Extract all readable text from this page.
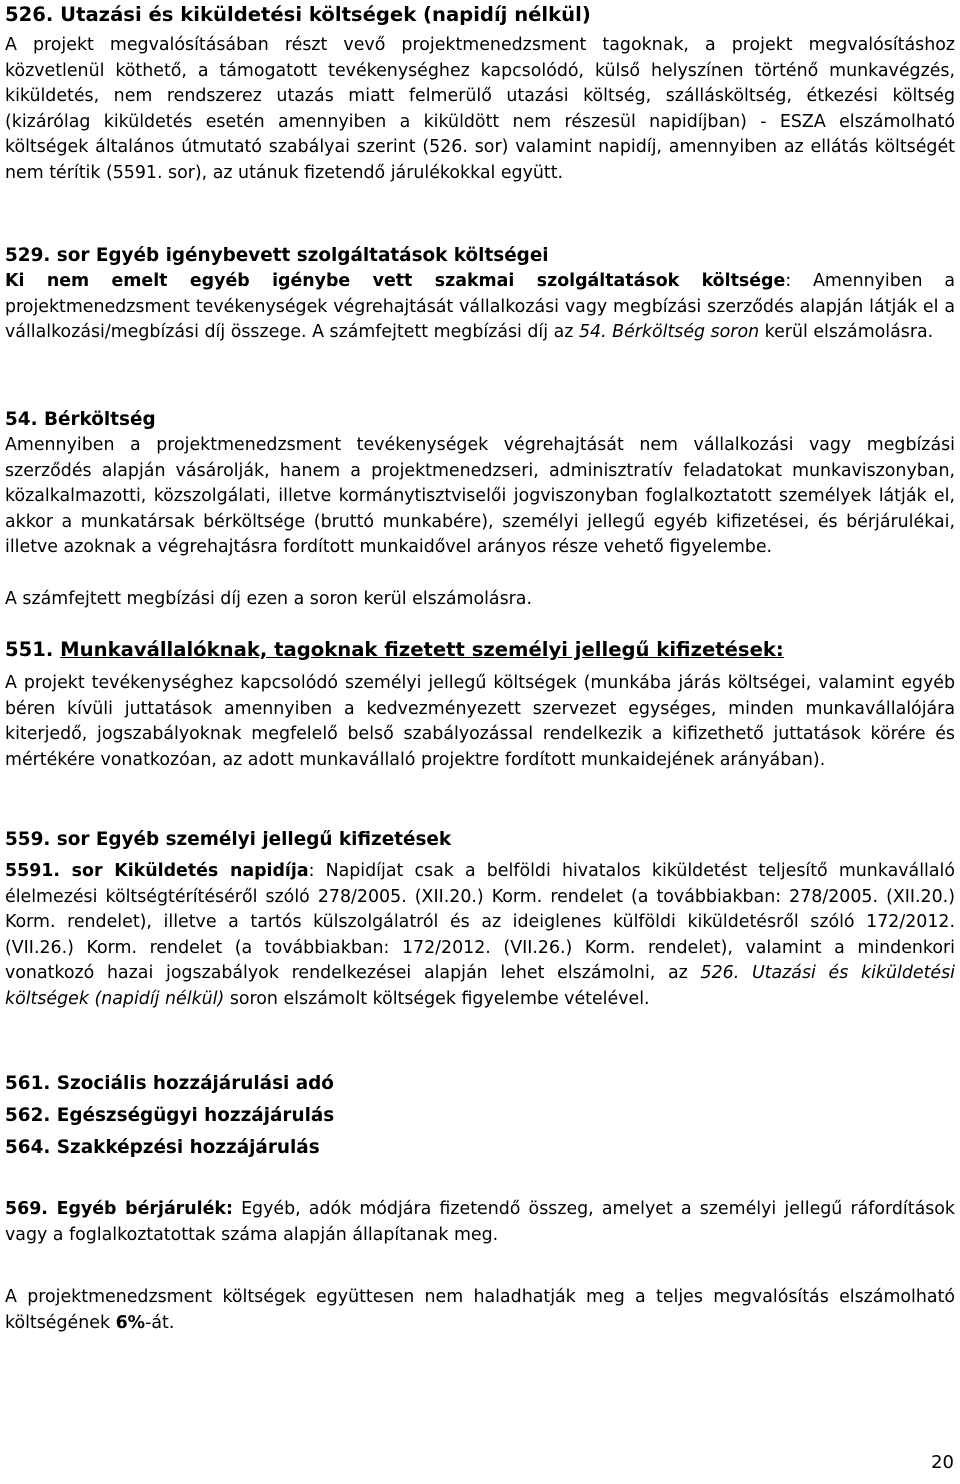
526. Utazási és kiküldetési költségek (napidíj nélkül)
A projekt megvalósításában részt vevő projektmenedzsment tagoknak, a projekt megvalósításhoz közvetlenül köthető, a támogatott tevékenységhez kapcsolódó, külső helyszínen történő munkavégzés, kiküldetés, nem rendszerez utazás miatt felmerülő utazási költség, szállásköltség, étkezési költség (kizárólag kiküldetés esetén amennyiben a kiküldött nem részesül napidíjban) - ESZA elszámolható költségek általános útmutató szabályai szerint (526. sor) valamint napidíj, amennyiben az ellátás költségét nem térítik (5591. sor), az utánuk fizetendő járulékokkal együtt.
529. sor Egyéb igénybevett szolgáltatások költségei
Ki nem emelt egyéb igénybe vett szakmai szolgáltatások költsége: Amennyiben a projektmenedzsment tevékenységek végrehajtását vállalkozási vagy megbízási szerződés alapján látják el a vállalkozási/megbízási díj összege. A számfejtett megbízási díj az 54. Bérköltség soron kerül elszámolásra.
54. Bérköltség
Amennyiben a projektmenedzsment tevékenységek végrehajtását nem vállalkozási vagy megbízási szerződés alapján vásárolják, hanem a projektmenedzseri, adminisztratív feladatokat munkaviszonyban, közalkalmazotti, közszolgálati, illetve kormánytisztviselői jogviszonyban foglalkoztatott személyek látják el, akkor a munkatársak bérköltsége (bruttó munkabére), személyi jellegű egyéb kifizetései, és bérjárulékai, illetve azoknak a végrehajtásra fordított munkaidővel arányos része vehető figyelembe.
A számfejtett megbízási díj ezen a soron kerül elszámolásra.
551. Munkavállalóknak, tagoknak fizetett személyi jellegű kifizetések:
A projekt tevékenységhez kapcsolódó személyi jellegű költségek (munkába járás költségei, valamint egyéb béren kívüli juttatások amennyiben a kedvezményezett szervezet egységes, minden munkavállalójára kiterjedő, jogszabályoknak megfelelő belső szabályozással rendelkezik a kifizethető juttatások körére és mértékére vonatkozóan, az adott munkavállaló projektre fordított munkaidejének arányában).
559. sor Egyéb személyi jellegű kifizetések
5591. sor Kiküldetés napidíja: Napidíjat csak a belföldi hivatalos kiküldetést teljesítő munkavállaló élelmezési költségtérítéséről szóló 278/2005. (XII.20.) Korm. rendelet (a továbbiakban: 278/2005. (XII.20.) Korm. rendelet), illetve a tartós külszolgálatról és az ideiglenes külföldi kiküldetésről szóló 172/2012. (VII.26.) Korm. rendelet (a továbbiakban: 172/2012. (VII.26.) Korm. rendelet), valamint a mindenkori vonatkozó hazai jogszabályok rendelkezései alapján lehet elszámolni, az 526. Utazási és kiküldetési költségek (napidíj nélkül) soron elszámolt költségek figyelembe vételével.
561. Szociális hozzájárulási adó
562. Egészségügyi hozzájárulás
564. Szakképzési hozzájárulás
569. Egyéb bérjárulék: Egyéb, adók módjára fizetendő összeg, amelyet a személyi jellegű ráfordítások vagy a foglalkoztatottak száma alapján állapítanak meg.
A projektmenedzsment költségek együttesen nem haladhatják meg a teljes megvalósítás elszámolható költségének 6%-át.
20
